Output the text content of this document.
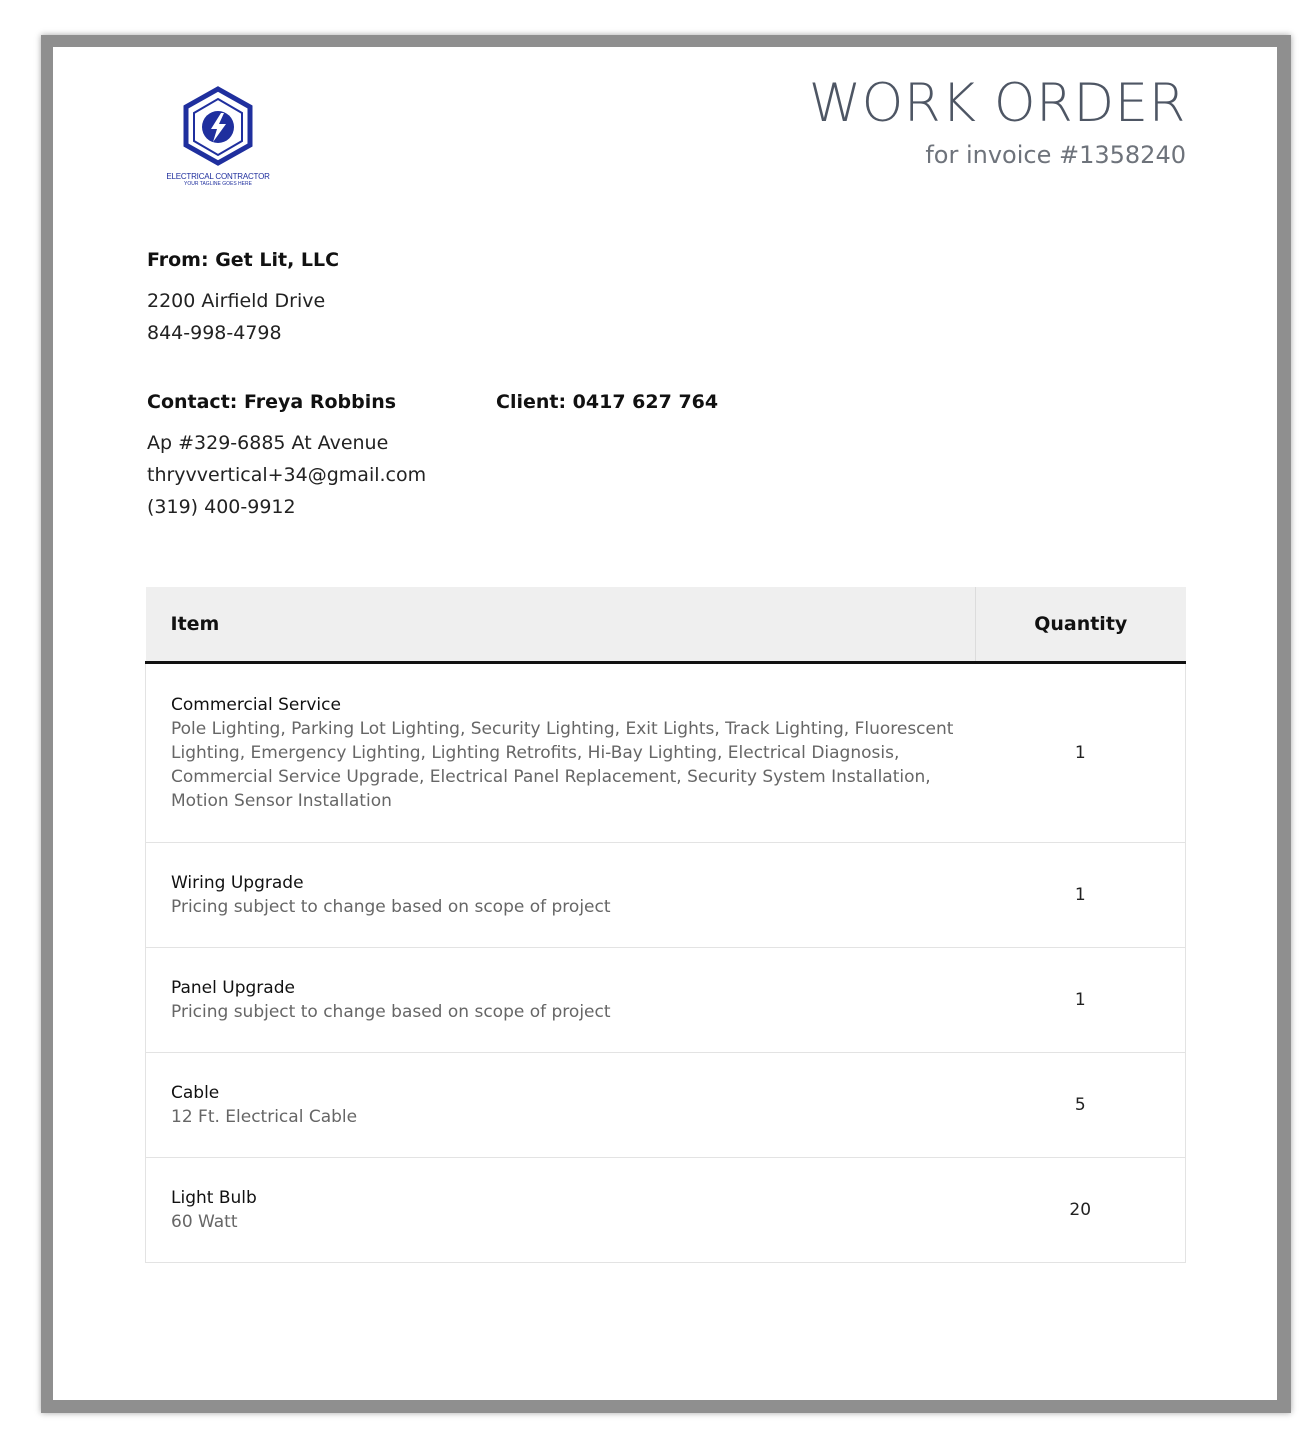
ELECTRICAL CONTRACTOR
YOUR TAGLINE GOES HERE
WORK ORDER
for invoice #1358240
From: Get Lit, LLC
2200 Airfield Drive
844-998-4798
Contact: Freya Robbins
Ap #329-6885 At Avenue
thryvvertical+34@gmail.com
(319) 400-9912
Client: 0417 627 764
Item	Quantity

Commercial Service
Pole Lighting, Parking Lot Lighting, Security Lighting, Exit Lights, Track Lighting, Fluorescent Lighting, Emergency Lighting, Lighting Retrofits, Hi-Bay Lighting, Electrical Diagnosis, Commercial Service Upgrade, Electrical Panel Replacement, Security System Installation, Motion Sensor Installation	1

Wiring Upgrade
Pricing subject to change based on scope of project	1

Panel Upgrade
Pricing subject to change based on scope of project	1

Cable
12 Ft. Electrical Cable	5

Light Bulb
60 Watt	20
